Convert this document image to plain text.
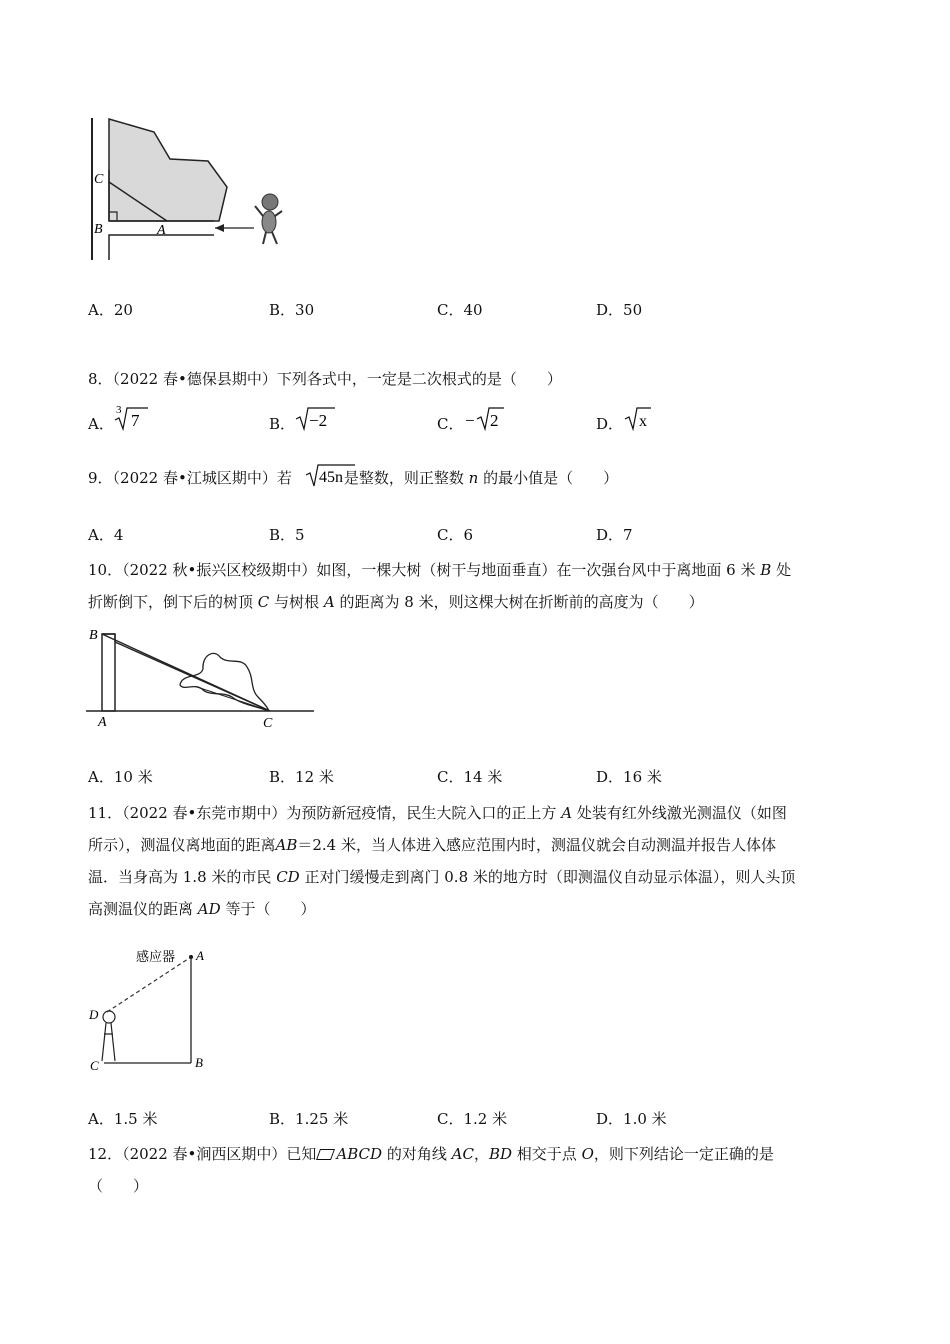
C
B	A
A．20	B．30	C．40	D．50
8．（2022 春•德保县期中）下列各式中，一定是二次根式的是（　　）
A．
3
7	B． −2	C． − 2	D． x
9．（2022 春•江城区期中）若	是整数，则正整数 n 的最小值是（　　）
45n
A．4	B．5	C．6	D．7
10．（2022 秋•振兴区校级期中）如图，一棵大树（树干与地面垂直）在一次强台风中于离地面 6 米 B 处
折断倒下，倒下后的树顶 C 与树根 A 的距离为 8 米，则这棵大树在折断前的高度为（　　）
B
A	C
A．10 米	B．12 米	C．14 米	D．16 米
11．（2022 春•东莞市期中）为预防新冠疫情，民生大院入口的正上方 A 处装有红外线激光测温仪（如图
所示），测温仪离地面的距离AB＝2.4 米，当人体进入感应范围内时，测温仪就会自动测温并报告人体体
温．当身高为 1.8 米的市民 CD 正对门缓慢走到离门 0.8 米的地方时（即测温仪自动显示体温），则人头顶
高测温仪的距离 AD 等于（　　）
感应器 A
D
C	B
A．1.5 米	B．1.25 米	C．1.2 米	D．1.0 米
12．（2022 春•涧西区期中）已知 ABCD 的对角线 AC，BD 相交于点 O，则下列结论一定正确的是
（　　）
